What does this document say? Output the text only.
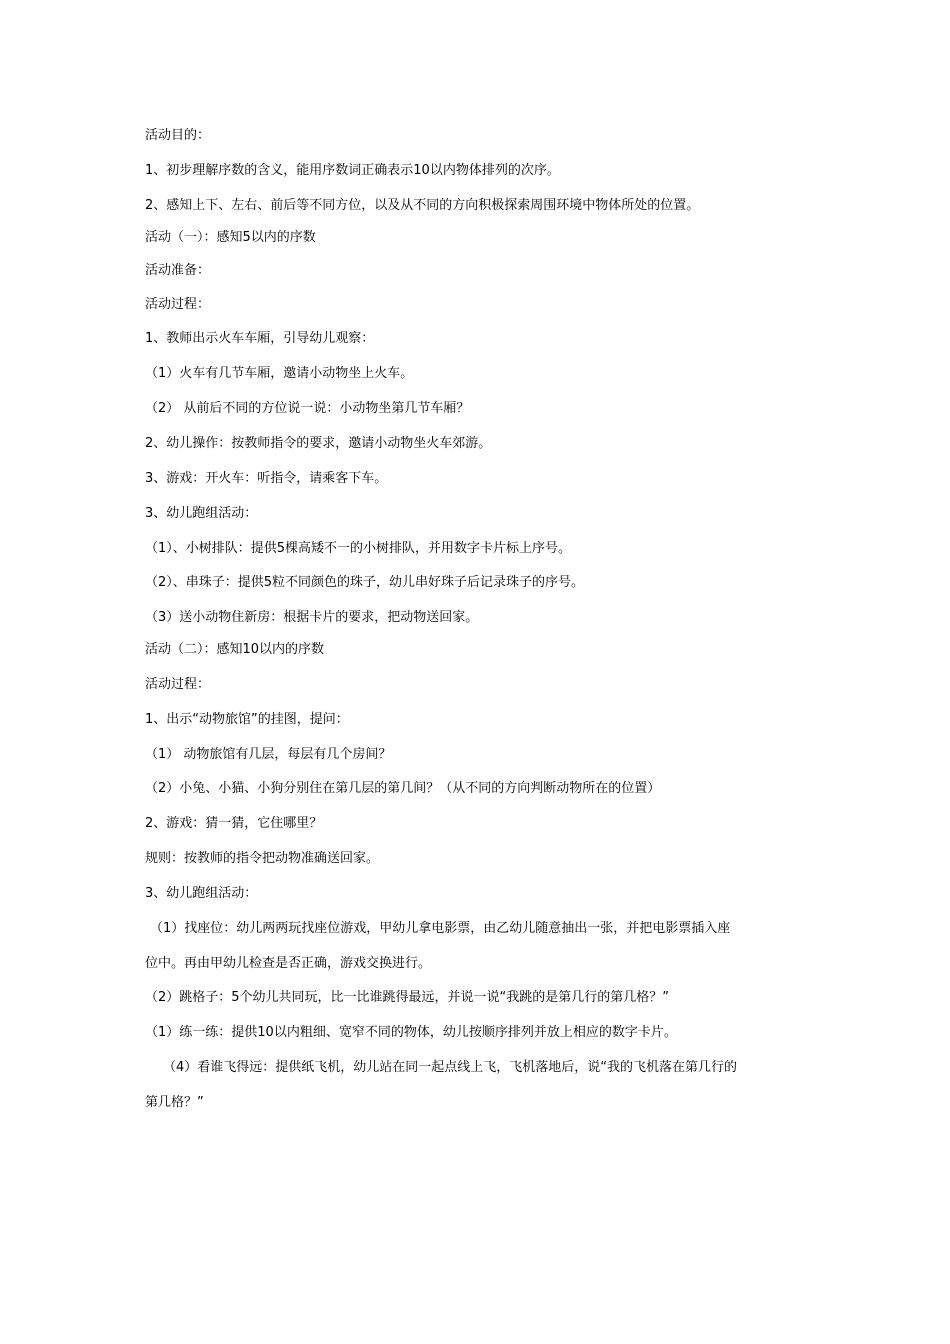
活动目的：
1、初步理解序数的含义，能用序数词正确表示10以内物体排列的次序。
2、感知上下、左右、前后等不同方位，以及从不同的方向积极探索周围环境中物体所处的位置。
活动（一）：感知5以内的序数
活动准备：
活动过程：
1、教师出示火车车厢，引导幼儿观察：
（1）火车有几节车厢，邀请小动物坐上火车。
（2） 从前后不同的方位说一说：小动物坐第几节车厢？
2、幼儿操作：按教师指令的要求，邀请小动物坐火车郊游。
3、游戏：开火车：听指令，请乘客下车。
3、幼儿跑组活动：
（1）、小树排队：提供5棵高矮不一的小树排队，并用数字卡片标上序号。
（2）、串珠子：提供5粒不同颜色的珠子，幼儿串好珠子后记录珠子的序号。
（3）送小动物住新房：根据卡片的要求，把动物送回家。
活动（二）：感知10以内的序数
活动过程：
1、出示“动物旅馆”的挂图，提问：
（1） 动物旅馆有几层，每层有几个房间？
（2）小兔、小猫、小狗分别住在第几层的第几间？（从不同的方向判断动物所在的位置）
2、游戏：猜一猜，它住哪里？
规则：按教师的指令把动物准确送回家。
3、幼儿跑组活动：
（1）找座位：幼儿两两玩找座位游戏，甲幼儿拿电影票，由乙幼儿随意抽出一张，并把电影票插入座
位中。再由甲幼儿检查是否正确，游戏交换进行。
（2）跳格子：5个幼儿共同玩，比一比谁跳得最远，并说一说“我跳的是第几行的第几格？”
（1）练一练：提供10以内粗细、宽窄不同的物体，幼儿按顺序排列并放上相应的数字卡片。
（4）看谁飞得远：提供纸飞机，幼儿站在同一起点线上飞，飞机落地后，说“我的飞机落在第几行的
第几格？”
